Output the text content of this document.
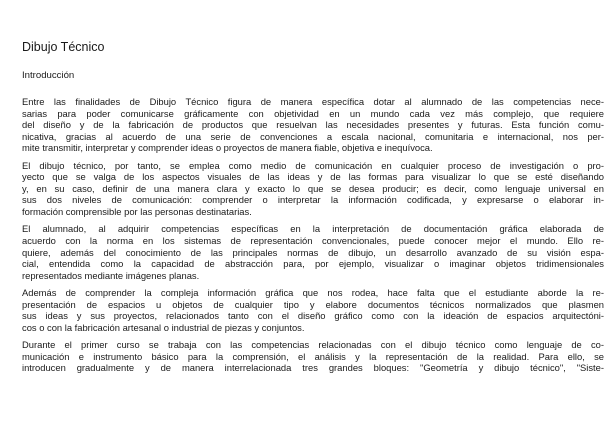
Dibujo Técnico
Introducción

Entre las finalidades de Dibujo Técnico figura de manera específica dotar al alumnado de las competencias nece-
sarias para poder comunicarse gráficamente con objetividad en un mundo cada vez más complejo, que requiere
del diseño y de la fabricación de productos que resuelvan las necesidades presentes y futuras. Esta función comu-
nicativa, gracias al acuerdo de una serie de convenciones a escala nacional, comunitaria e internacional, nos per-
mite transmitir, interpretar y comprender ideas o proyectos de manera fiable, objetiva e inequívoca.

El dibujo técnico, por tanto, se emplea como medio de comunicación en cualquier proceso de investigación o pro-
yecto que se valga de los aspectos visuales de las ideas y de las formas para visualizar lo que se esté diseñando
y, en su caso, definir de una manera clara y exacto lo que se desea producir; es decir, como lenguaje universal en
sus dos niveles de comunicación: comprender o interpretar la información codificada, y expresarse o elaborar in-
formación comprensible por las personas destinatarias.

El alumnado, al adquirir competencias específicas en la interpretación de documentación gráfica elaborada de
acuerdo con la norma en los sistemas de representación convencionales, puede conocer mejor el mundo. Ello re-
quiere, además del conocimiento de las principales normas de dibujo, un desarrollo avanzado de su visión espa-
cial, entendida como la capacidad de abstracción para, por ejemplo, visualizar o imaginar objetos tridimensionales
representados mediante imágenes planas.

Además de comprender la compleja información gráfica que nos rodea, hace falta que el estudiante aborde la re-
presentación de espacios u objetos de cualquier tipo y elabore documentos técnicos normalizados que plasmen
sus ideas y sus proyectos, relacionados tanto con el diseño gráfico como con la ideación de espacios arquitectóni-
cos o con la fabricación artesanal o industrial de piezas y conjuntos.

Durante el primer curso se trabaja con las competencias relacionadas con el dibujo técnico como lenguaje de co-
municación e instrumento básico para la comprensión, el análisis y la representación de la realidad. Para ello, se
introducen gradualmente y de manera interrelacionada tres grandes bloques: "Geometría y dibujo técnico", "Siste-
